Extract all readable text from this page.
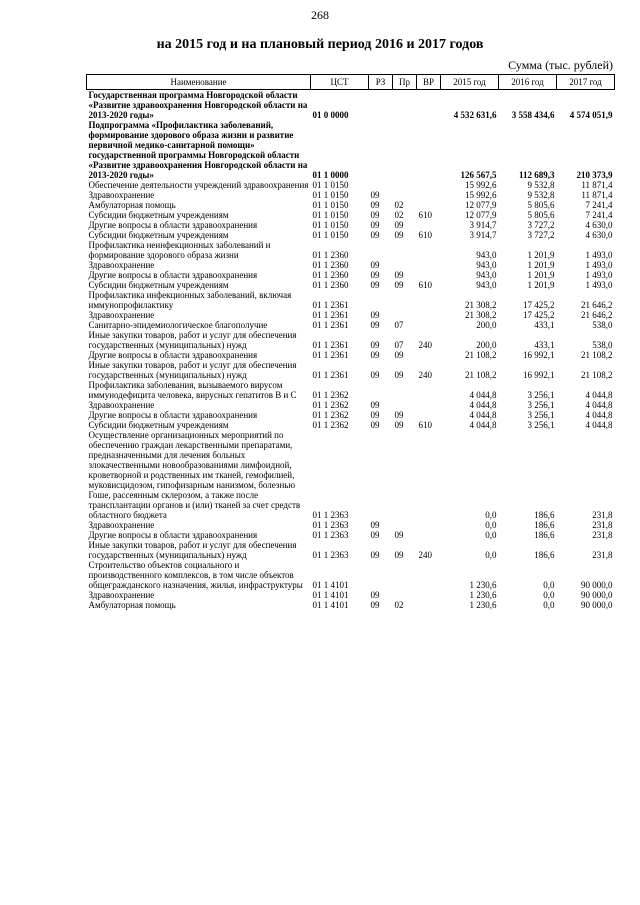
268
на 2015 год и на плановый период 2016 и 2017 годов
Сумма (тыс. рублей)
Наименование	ЦСТ	РЗ	Пр	ВР	2015 год	2016 год	2017 год
Государственная программа Новгородской области «Развитие здравоохранения Новгородской области на 2013-2020 годы»	01 0 0000				4 532 631,6	3 558 434,6	4 574 051,9
Подпрограмма «Профилактика заболеваний, формирование здорового образа жизни и развитие первичной медико-санитарной помощи» государственной программы Новгородской области «Развитие здравоохранения Новгородской области на 2013-2020 годы»	01 1 0000				126 567,5	112 689,3	210 373,9
Обеспечение деятельности учреждений здравоохранения	01 1 0150				15 992,6	9 532,8	11 871,4
Здравоохранение	01 1 0150	09			15 992,6	9 532,8	11 871,4
Амбулаторная помощь	01 1 0150	09	02		12 077,9	5 805,6	7 241,4
Субсидии бюджетным учреждениям	01 1 0150	09	02	610	12 077,9	5 805,6	7 241,4
Другие вопросы в области здравоохранения	01 1 0150	09	09		3 914,7	3 727,2	4 630,0
Субсидии бюджетным учреждениям	01 1 0150	09	09	610	3 914,7	3 727,2	4 630,0
Профилактика неинфекционных заболеваний и формирование здорового образа жизни	01 1 2360				943,0	1 201,9	1 493,0
Здравоохранение	01 1 2360	09			943,0	1 201,9	1 493,0
Другие вопросы в области здравоохранения	01 1 2360	09	09		943,0	1 201,9	1 493,0
Субсидии бюджетным учреждениям	01 1 2360	09	09	610	943,0	1 201,9	1 493,0
Профилактика инфекционных заболеваний, включая иммунопрофилактику	01 1 2361				21 308,2	17 425,2	21 646,2
Здравоохранение	01 1 2361	09			21 308,2	17 425,2	21 646,2
Санитарно-эпидемиологическое благополучие	01 1 2361	09	07		200,0	433,1	538,0
Иные закупки товаров, работ и услуг для обеспечения государственных (муниципальных) нужд	01 1 2361	09	07	240	200,0	433,1	538,0
Другие вопросы в области здравоохранения	01 1 2361	09	09		21 108,2	16 992,1	21 108,2
Иные закупки товаров, работ и услуг для обеспечения государственных (муниципальных) нужд	01 1 2361	09	09	240	21 108,2	16 992,1	21 108,2
Профилактика заболевания, вызываемого вирусом иммунодефицита человека, вирусных гепатитов В и С	01 1 2362				4 044,8	3 256,1	4 044,8
Здравоохранение	01 1 2362	09			4 044,8	3 256,1	4 044,8
Другие вопросы в области здравоохранения	01 1 2362	09	09		4 044,8	3 256,1	4 044,8
Субсидии бюджетным учреждениям	01 1 2362	09	09	610	4 044,8	3 256,1	4 044,8
Осуществление организационных мероприятий по обеспечению граждан лекарственными препаратами, предназначенными для лечения больных злокачественными новообразованиями лимфоидной, кроветворной и родственных им тканей, гемофилией, муковисцидозом, гипофизарным нанизмом, болезнью Гоше, рассеянным склерозом, а также после трансплантации органов и (или) тканей за счет средств областного бюджета	01 1 2363				0,0	186,6	231,8
Здравоохранение	01 1 2363	09			0,0	186,6	231,8
Другие вопросы в области здравоохранения	01 1 2363	09	09		0,0	186,6	231,8
Иные закупки товаров, работ и услуг для обеспечения государственных (муниципальных) нужд	01 1 2363	09	09	240	0,0	186,6	231,8
Строительство объектов социального и производственного комплексов, в том числе объектов общегражданского назначения, жилья, инфраструктуры	01 1 4101				1 230,6	0,0	90 000,0
Здравоохранение	01 1 4101	09			1 230,6	0,0	90 000,0
Амбулаторная помощь	01 1 4101	09	02		1 230,6	0,0	90 000,0
